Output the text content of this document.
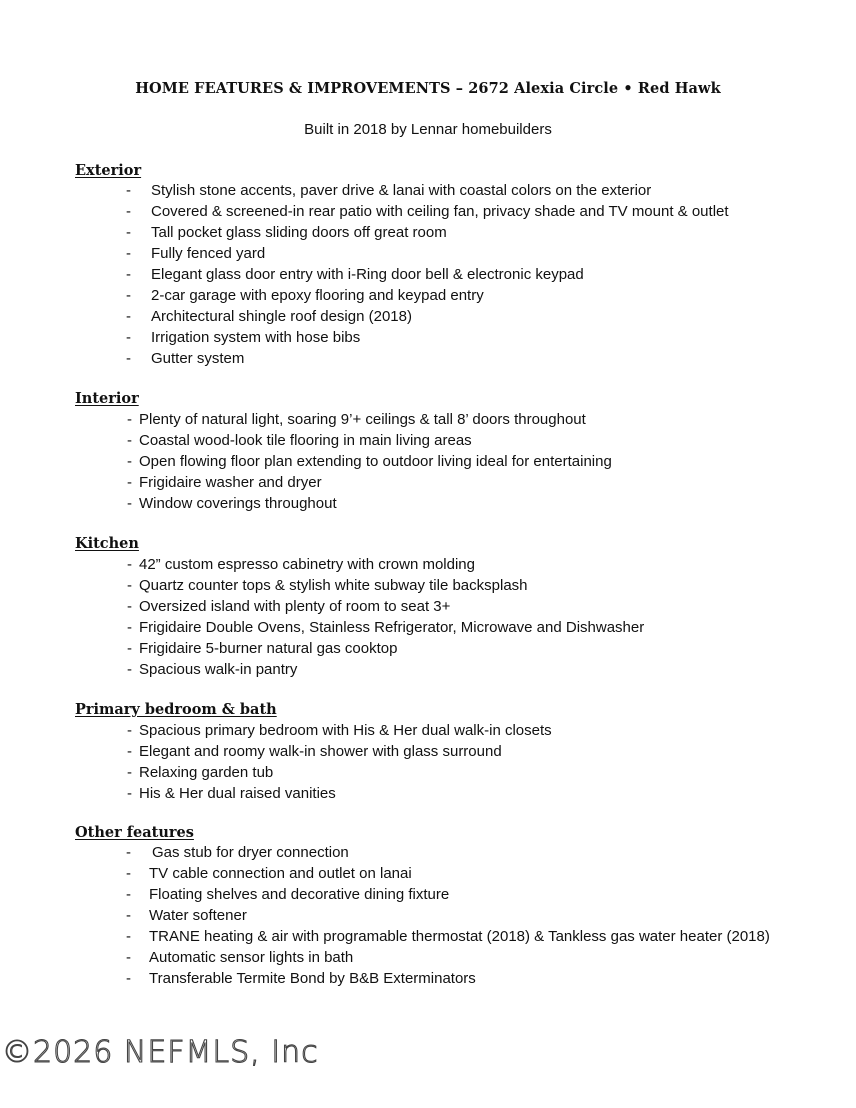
HOME FEATURES & IMPROVEMENTS – 2672 Alexia Circle • Red Hawk
Built in 2018 by Lennar homebuilders
Exterior
- Stylish stone accents, paver drive & lanai with coastal colors on the exterior
- Covered & screened-in rear patio with ceiling fan, privacy shade and TV mount & outlet
- Tall pocket glass sliding doors off great room
- Fully fenced yard
- Elegant glass door entry with i-Ring door bell & electronic keypad
- 2-car garage with epoxy flooring and keypad entry
- Architectural shingle roof design (2018)
- Irrigation system with hose bibs
- Gutter system
Interior
- Plenty of natural light, soaring 9’+ ceilings & tall 8’ doors throughout
- Coastal wood-look tile flooring in main living areas
- Open flowing floor plan extending to outdoor living ideal for entertaining
- Frigidaire washer and dryer
- Window coverings throughout
Kitchen
- 42” custom espresso cabinetry with crown molding
- Quartz counter tops & stylish white subway tile backsplash
- Oversized island with plenty of room to seat 3+
- Frigidaire Double Ovens, Stainless Refrigerator, Microwave and Dishwasher
- Frigidaire 5-burner natural gas cooktop
- Spacious walk-in pantry
Primary bedroom & bath
- Spacious primary bedroom with His & Her dual walk-in closets
- Elegant and roomy walk-in shower with glass surround
- Relaxing garden tub
- His & Her dual raised vanities
Other features
- Gas stub for dryer connection
- TV cable connection and outlet on lanai
- Floating shelves and decorative dining fixture
- Water softener
- TRANE heating & air with programable thermostat (2018) & Tankless gas water heater (2018)
- Automatic sensor lights in bath
- Transferable Termite Bond by B&B Exterminators
©2026 NEFMLS, Inc
